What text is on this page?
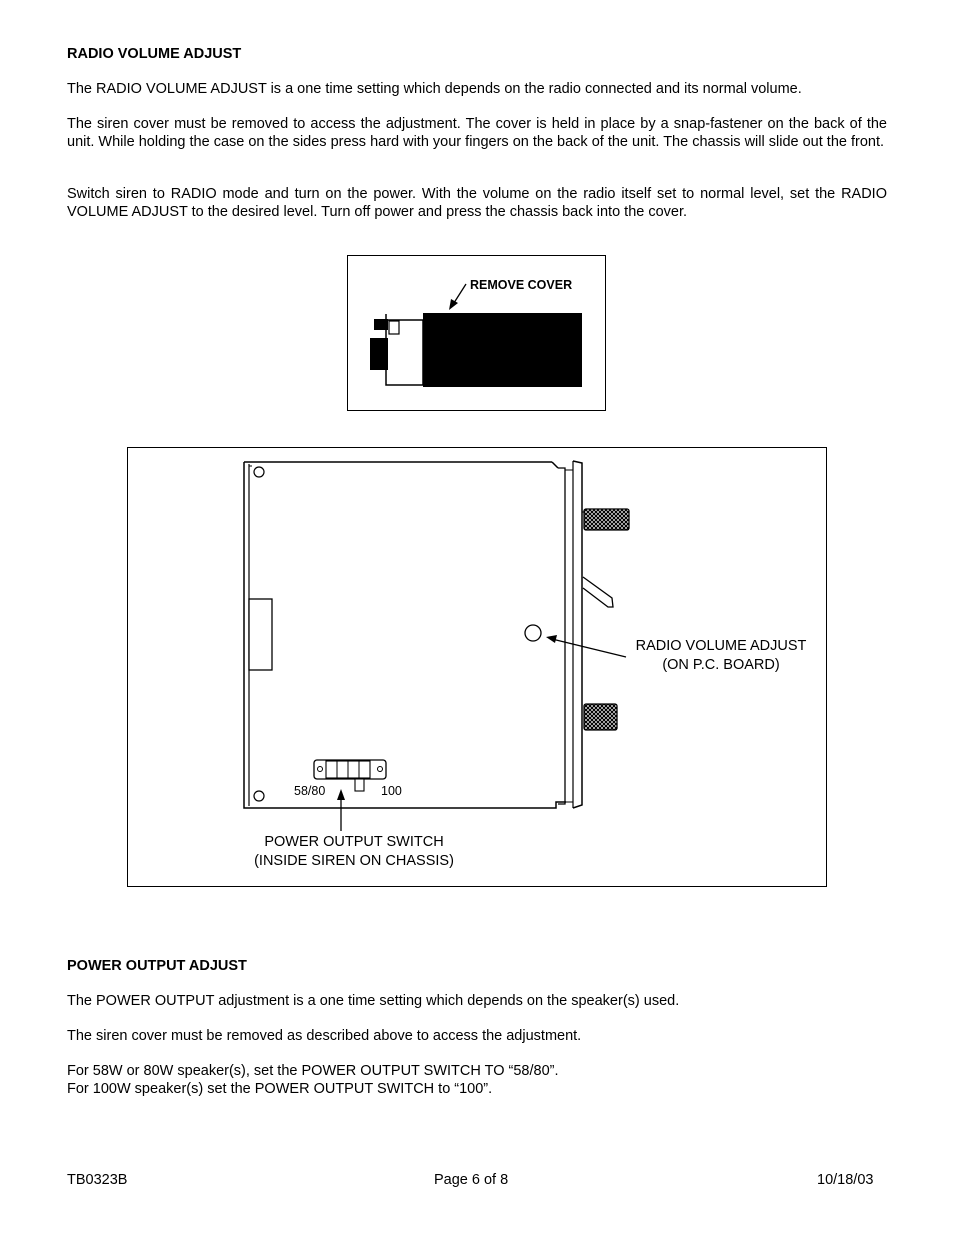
RADIO VOLUME ADJUST
The RADIO VOLUME ADJUST is a one time setting which depends on the radio connected and its normal volume.
The siren cover must be removed to access the adjustment. The cover is held in place by a snap-fastener on the back of the unit. While holding the case on the sides press hard with your fingers on the back of the unit. The chassis will slide out the front.
Switch siren to RADIO mode and turn on the power. With the volume on the radio itself set to normal level, set the RADIO VOLUME ADJUST to the desired level. Turn off power and press the chassis back into the cover.
REMOVE COVER
58/80	100
RADIO VOLUME ADJUST
(ON P.C. BOARD)
POWER OUTPUT SWITCH
(INSIDE SIREN ON CHASSIS)
POWER OUTPUT ADJUST
The POWER OUTPUT adjustment is a one time setting which depends on the speaker(s) used.
The siren cover must be removed as described above to access the adjustment.
For 58W or 80W speaker(s), set the POWER OUTPUT SWITCH TO “58/80”.
For 100W speaker(s) set the POWER OUTPUT SWITCH to “100”.
TB0323B	Page 6 of 8	10/18/03
